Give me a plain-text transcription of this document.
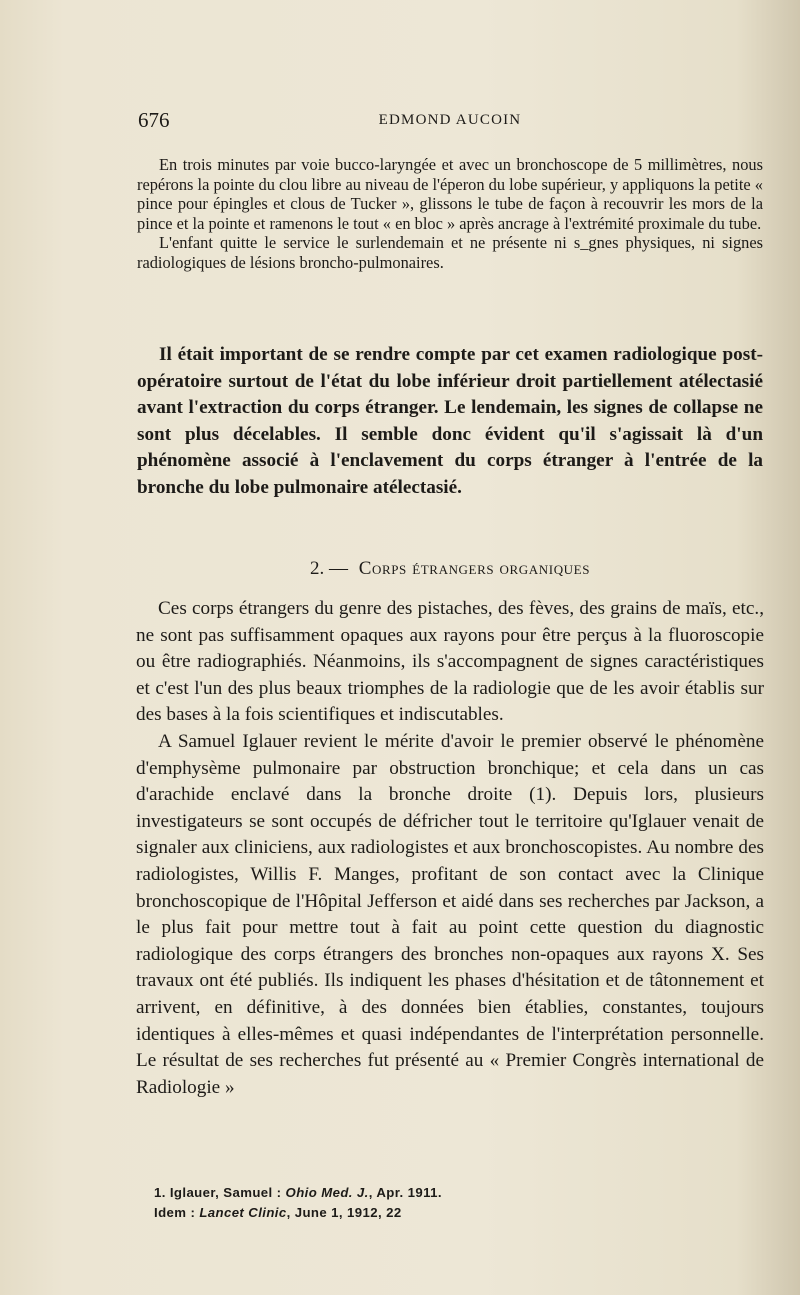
676	EDMOND AUCOIN

En trois minutes par voie bucco-laryngée et avec un bronchoscope de 5 millimètres, nous repérons la pointe du clou libre au niveau de l'éperon du lobe supérieur, y appliquons la petite « pince pour épingles et clous de Tucker », glissons le tube de façon à recouvrir les mors de la pince et la pointe et ramenons le tout « en bloc » après ancrage à l'extrémité proximale du tube.

L'enfant quitte le service le surlendemain et ne présente ni s_gnes physiques, ni signes radiologiques de lésions broncho-pulmonaires.

Il était important de se rendre compte par cet examen radiologique post-opératoire surtout de l'état du lobe inférieur droit partiellement atélectasié avant l'extraction du corps étranger. Le lendemain, les signes de collapse ne sont plus décelables. Il semble donc évident qu'il s'agissait là d'un phénomène associé à l'enclavement du corps étranger à l'entrée de la bronche du lobe pulmonaire atélectasié.

2. — Corps étrangers organiques

Ces corps étrangers du genre des pistaches, des fèves, des grains de maïs, etc., ne sont pas suffisamment opaques aux rayons pour être perçus à la fluoroscopie ou être radiographiés. Néanmoins, ils s'accompagnent de signes caractéristiques et c'est l'un des plus beaux triomphes de la radiologie que de les avoir établis sur des bases à la fois scientifiques et indiscutables.

A Samuel Iglauer revient le mérite d'avoir le premier observé le phénomène d'emphysème pulmonaire par obstruction bronchique; et cela dans un cas d'arachide enclavé dans la bronche droite (1). Depuis lors, plusieurs investigateurs se sont occupés de défricher tout le territoire qu'Iglauer venait de signaler aux cliniciens, aux radiologistes et aux bronchoscopistes. Au nombre des radiologistes, Willis F. Manges, profitant de son contact avec la Clinique bronchoscopique de l'Hôpital Jefferson et aidé dans ses recherches par Jackson, a le plus fait pour mettre tout à fait au point cette question du diagnostic radiologique des corps étrangers des bronches non-opaques aux rayons X. Ses travaux ont été publiés. Ils indiquent les phases d'hésitation et de tâtonnement et arrivent, en définitive, à des données bien établies, constantes, toujours identiques à elles-mêmes et quasi indépendantes de l'interprétation personnelle. Le résultat de ses recherches fut présenté au « Premier Congrès international de Radiologie »

1. Iglauer, Samuel : Ohio Med. J., Apr. 1911.
Idem : Lancet Clinic, June 1, 1912, 22
